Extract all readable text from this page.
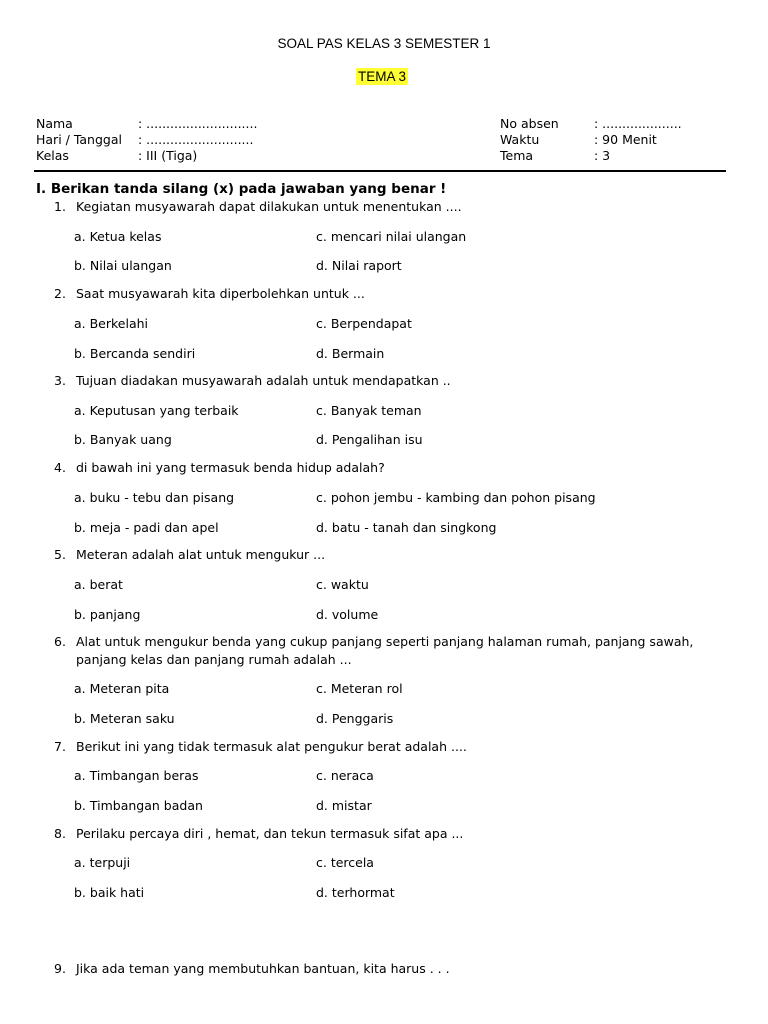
SOAL PAS KELAS 3 SEMESTER 1
TEMA 3
Nama	: ............................
Hari / Tanggal : ...........................
Kelas	: III (Tiga)
No absen	: ....................
Waktu	: 90 Menit
Tema	: 3
I. Berikan tanda silang (x) pada jawaban yang benar !
1. Kegiatan musyawarah dapat dilakukan untuk menentukan ....
a. Ketua kelas	c. mencari nilai ulangan
b. Nilai ulangan	d. Nilai raport
2. Saat musyawarah kita diperbolehkan untuk ...
a. Berkelahi	c. Berpendapat
b. Bercanda sendiri	d. Bermain
3. Tujuan diadakan musyawarah adalah untuk mendapatkan ..
a. Keputusan yang terbaik	c. Banyak teman
b. Banyak uang	d. Pengalihan isu
4. di bawah ini yang termasuk benda hidup adalah?
a. buku - tebu dan pisang	c. pohon jembu - kambing dan pohon pisang
b. meja - padi dan apel	d. batu - tanah dan singkong
5. Meteran adalah alat untuk mengukur ...
a. berat	c. waktu
b. panjang	d. volume
6. Alat untuk mengukur benda yang cukup panjang seperti panjang halaman rumah, panjang sawah, panjang kelas dan panjang rumah adalah ...
a. Meteran pita	c. Meteran rol
b. Meteran saku	d. Penggaris
7. Berikut ini yang tidak termasuk alat pengukur berat adalah ....
a. Timbangan beras	c. neraca
b. Timbangan badan	d. mistar
8. Perilaku percaya diri , hemat, dan tekun termasuk sifat apa ...
a. terpuji	c. tercela
b. baik hati	d. terhormat
9. Jika ada teman yang membutuhkan bantuan, kita harus . . .
